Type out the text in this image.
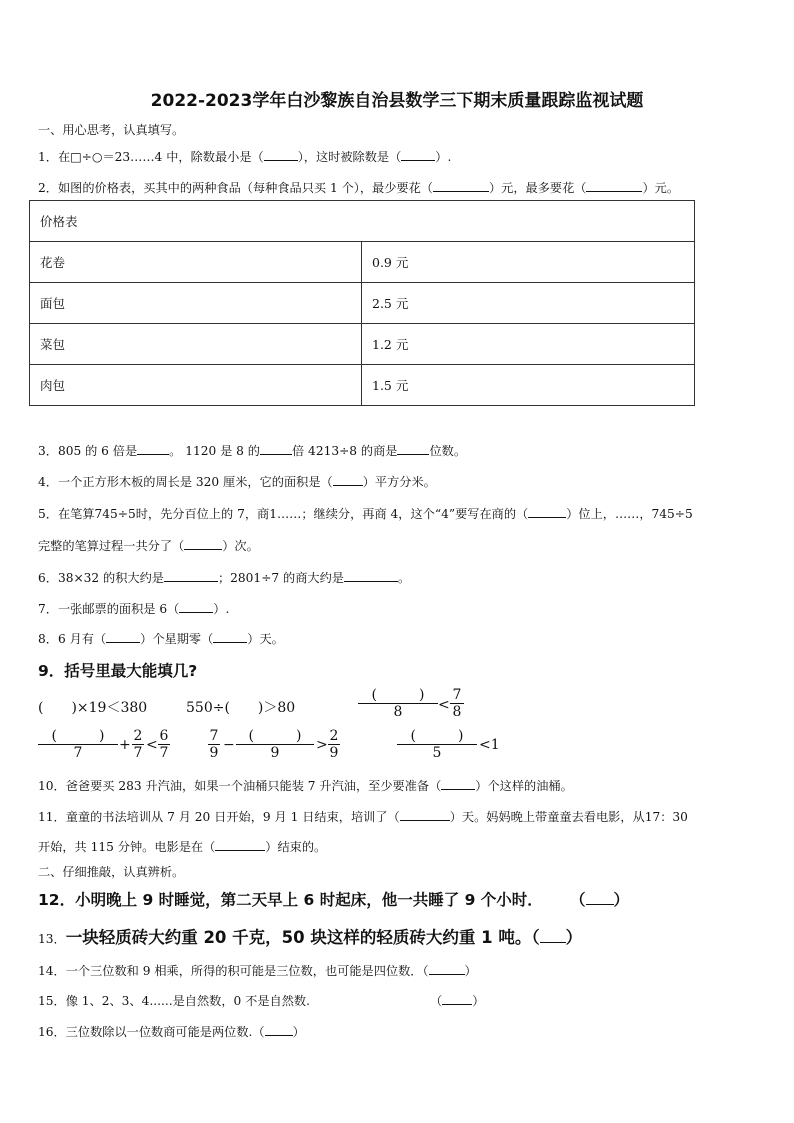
2022-2023学年白沙黎族自治县数学三下期末质量跟踪监视试题
一、用心思考，认真填写。
1．在□÷○＝23……4 中，除数最小是（	），这时被除数是（	）.
2．如图的价格表，买其中的两种食品（每种食品只买 1 个），最少要花（	）元，最多要花（	）元。
价格表	
花卷	0.9 元
面包	2.5 元
菜包	1.2 元
肉包	1.5 元
3．805 的 6 倍是	。 1120 是 8 的	倍 4213÷8 的商是	位数。
4．一个正方形木板的周长是 320 厘米，它的面积是（ ）平方分米。
5．在笔算745÷5时，先分百位上的 7，商1……；继续分，再商 4，这个“4”要写在商的（	）位上，……，745÷5
完整的笔算过程一共分了（	）次。
6．38×32 的积大约是	；2801÷7 的商大约是	。
7．一张邮票的面积是 6（	）.
8．6 月有（	）个星期零（	）天。
9．括号里最大能填几?
(  )×19＜380	550÷(  )＞80
(   )
8	< $\frac{7}{8}$
(   )
7	+ $\frac{2}{7} < \frac{6}{7}$	$\frac{7}{9}$ −
(   )
9	> $\frac{2}{9}$	(   )
5	<1
10．爸爸要买 283 升汽油，如果一个油桶只能装 7 升汽油，至少要准备（	）个这样的油桶。
11．童童的书法培训从 7 月 20 日开始，9 月 1 日结束，培训了（	）天。妈妈晚上带童童去看电影，从17：30
开始，共 115 分钟。电影是在（	）结束的。
二、仔细推敲，认真辨析。
12．小明晚上 9 时睡觉，第二天早上 6 时起床，他一共睡了 9 个小时． （ ）
13．一块轻质砖大约重 20 千克，50 块这样的轻质砖大约重 1 吨。（ ）
14．一个三位数和 9 相乘，所得的积可能是三位数，也可能是四位数．（	）
15．像 1、2、3、4......是自然数，0 不是自然数.	（ ）
16．三位数除以一位数商可能是两位数.（ ）
